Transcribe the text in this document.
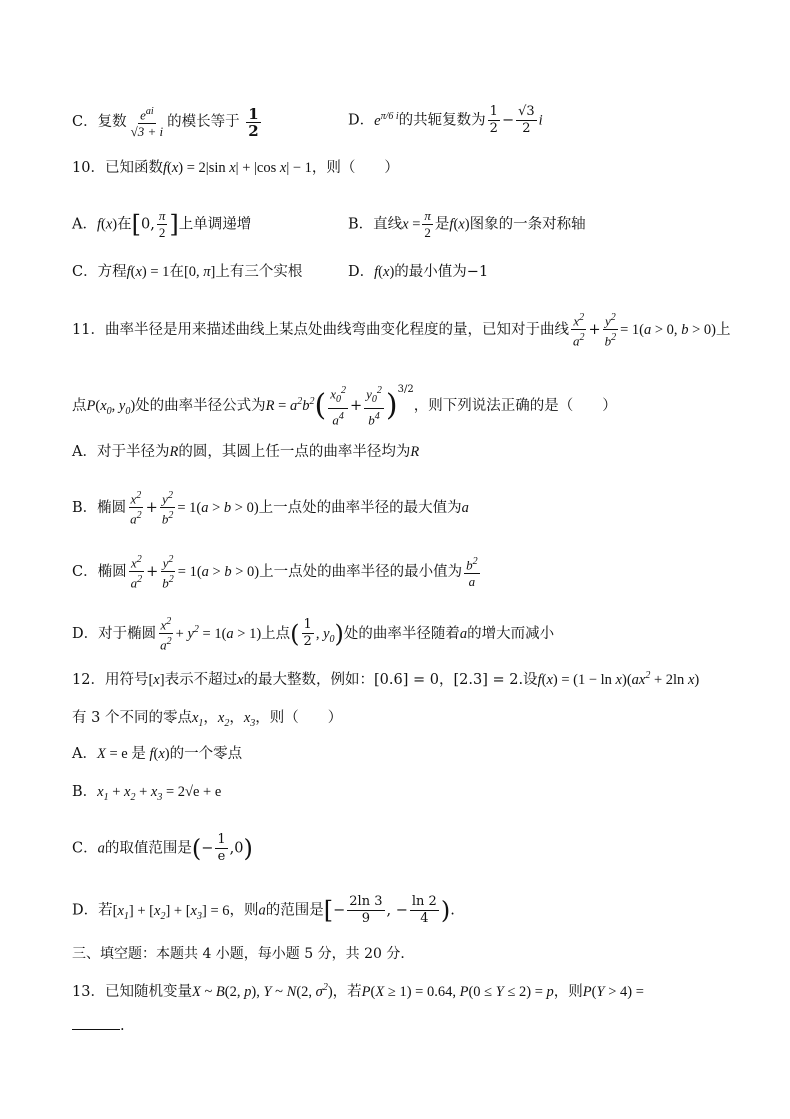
C．复数 $\frac{e^{ai}}{√3 + i}$ 的模长等于 $\frac{1}{2}$	D．$e^{\pi/6 i}$的共轭复数为 $\frac{1}{2} - \frac{√3}{2}$ i
10．已知函数f(x) = 2|sin x| + |cos x| − 1，则（　　）
A．f(x)在[0, $\frac{\pi}{2}$ ]上单调递增	B．直线$x = \frac{\pi}{2}$ 是f(x)图象的一条对称轴
C．方程f(x) = 1在[0, π]上有三个实根	D．f(x)的最小值为−1
11．曲率半径是用来描述曲线上某点处曲线弯曲变化程度的量，已知对于曲线 $\frac{x^2}{a^2} + \frac{y^2}{b^2} = 1(a > 0$, b > 0)上
点$P(x_0$, $y_0$)处的曲率半径公式为$R = a^2b^2( \frac{x_0^2}{a^4} + \frac{y_0^2}{b^4} )^{3/2}$，则下列说法正确的是（　　）
A．对于半径为R的圆，其圆上任一点的曲率半径均为R
B．椭圆 $\frac{x^2}{a^2} + \frac{y^2}{b^2} = 1(a > b > 0)$上一点处的曲率半径的最大值为a
C．椭圆 $\frac{x^2}{a^2} + \frac{y^2}{b^2} = 1(a > b > 0)$上一点处的曲率半径的最小值为 $\frac{b^2}{a}$
D．对于椭圆 $\frac{x^2}{a^2} + y^2 = 1(a > 1)$上点( $\frac{1}{2}$ , $y_0$)处的曲率半径随着a的增大而减小
12．用符号[x]表示不超过x的最大整数，例如：[0.6] = 0，[2.3] = 2.设$f(x) = (1 - \ln x)(ax^2 + 2\ln$ x)
有 3 个不同的零点$x_1$，$x_2$，$x_3$，则（　　）
A．X = e 是 f(x)的一个零点
B．$x_1 + x_2 + x_3 = 2√e + e$
C．a的取值范围是(− $\frac{1}{e} ,0$)
D．若$[x_1] + [x_2] + [x_3] = 6$，则a的范围是[− $\frac{2\ln 3}{9}$ , − $\frac{\ln 2}{4}$ ).
三、填空题：本题共 4 小题，每小题 5 分，共 20 分．
13．已知随机变量X ~ B(2, p), Y ~ N(2, $\sigma^2$)，若P(X ≥ 1) = 0.64, P(0 ≤ Y ≤ 2) = p，则P(Y > 4) =
.
